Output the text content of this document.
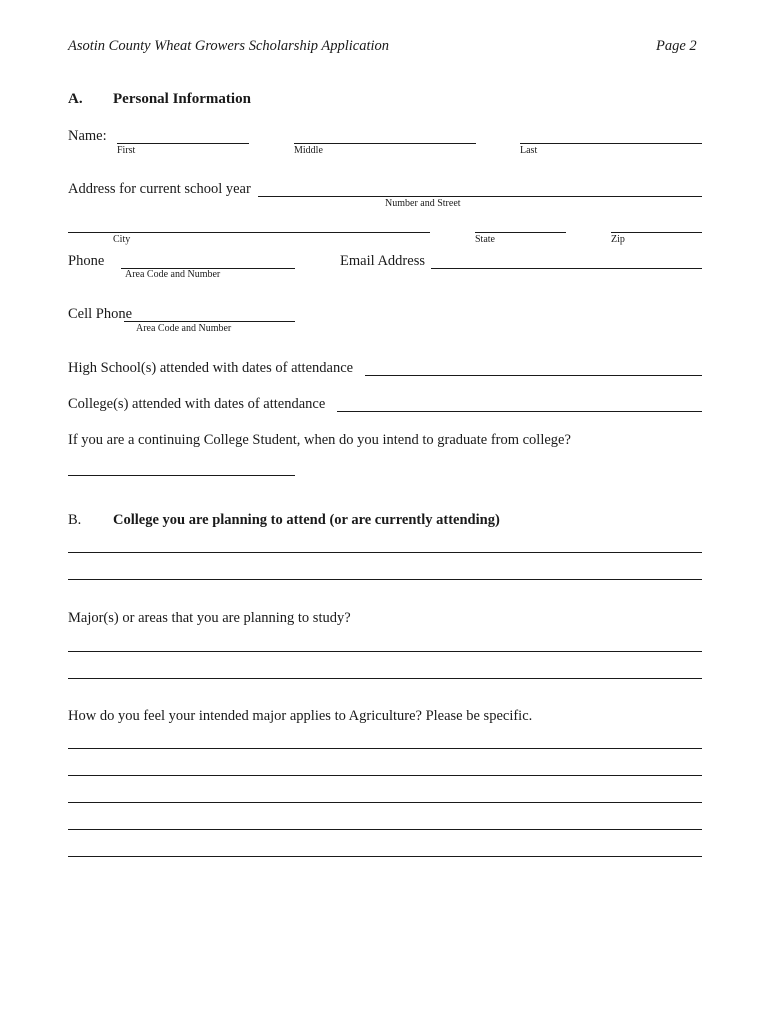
Asotin County Wheat Growers Scholarship Application	Page 2
A. Personal Information
Name:
First	Middle	Last
Address for current school year
Number and Street
City	State	Zip
Phone
Area Code and Number
Email Address
Cell Phone
Area Code and Number
High School(s) attended with dates of attendance
College(s) attended with dates of attendance
If you are a continuing College Student, when do you intend to graduate from college?
B. College you are planning to attend (or are currently attending)
Major(s) or areas that you are planning to study?
How do you feel your intended major applies to Agriculture? Please be specific.
